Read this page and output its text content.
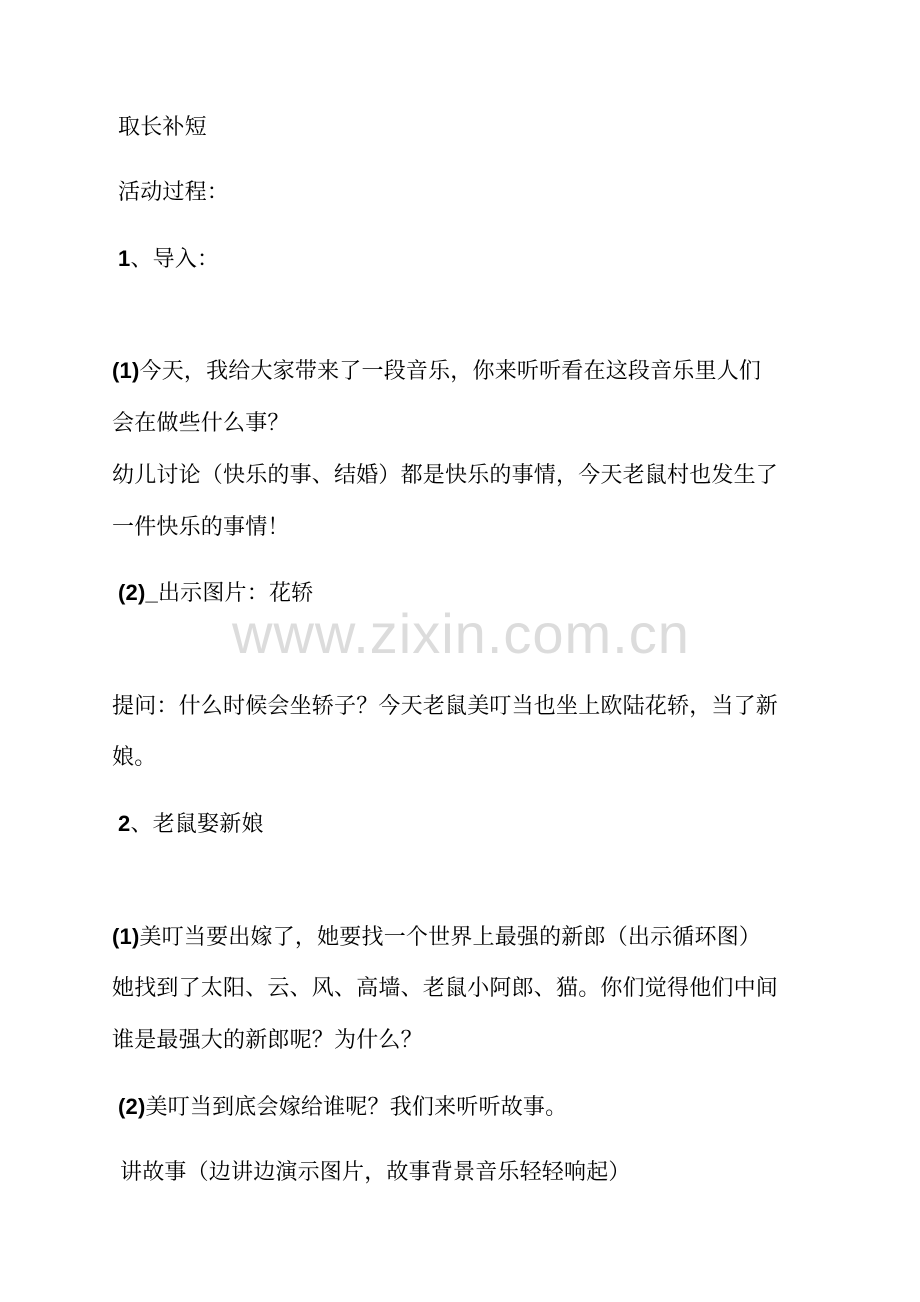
取长补短
活动过程：
1、导入：
(1)今天，我给大家带来了一段音乐，你来听听看在这段音乐里人们
会在做些什么事？
幼儿讨论（快乐的事、结婚）都是快乐的事情，今天老鼠村也发生了
一件快乐的事情！
(2)_出示图片：花轿
提问：什么时候会坐轿子？今天老鼠美叮当也坐上欧陆花轿，当了新
娘。
2、老鼠娶新娘
(1)美叮当要出嫁了，她要找一个世界上最强的新郎（出示循环图）
她找到了太阳、云、风、高墙、老鼠小阿郎、猫。你们觉得他们中间
谁是最强大的新郎呢？为什么？
(2)美叮当到底会嫁给谁呢？我们来听听故事。
讲故事（边讲边演示图片，故事背景音乐轻轻响起）
www.zixin.com.cn
